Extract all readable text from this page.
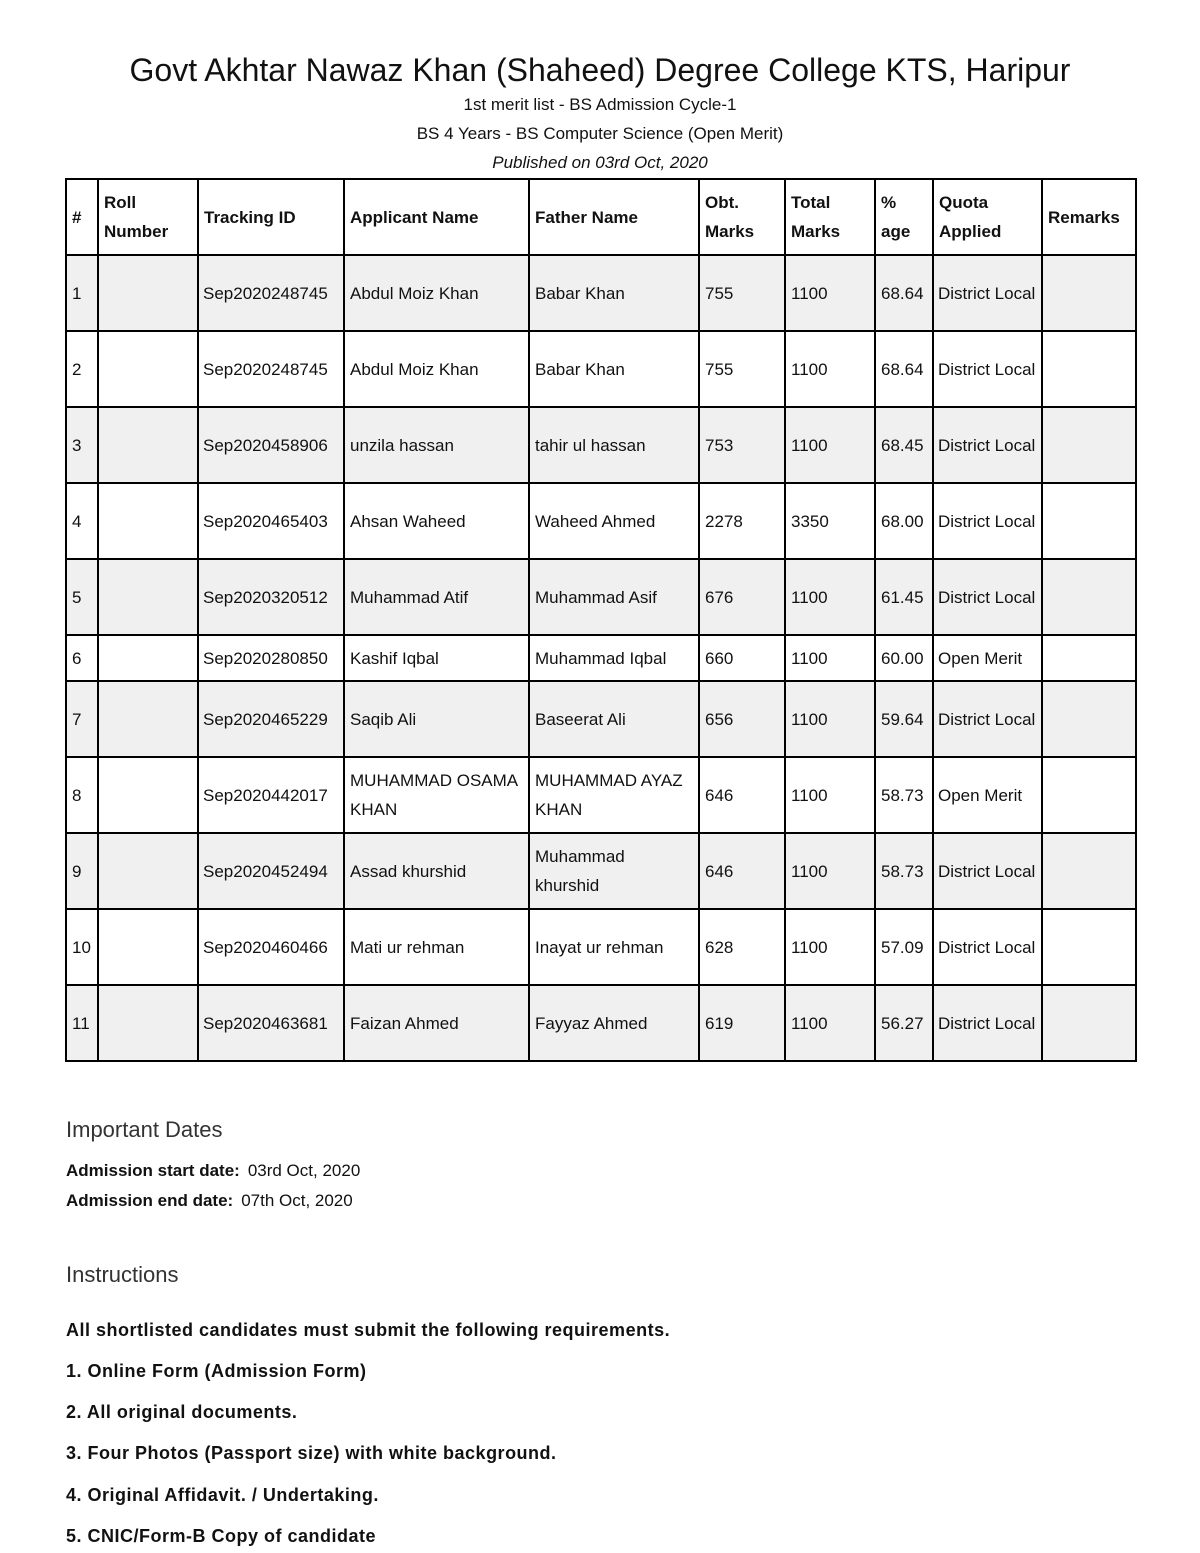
Govt Akhtar Nawaz Khan (Shaheed) Degree College KTS, Haripur
1st merit list - BS Admission Cycle-1
BS 4 Years - BS Computer Science (Open Merit)
Published on 03rd Oct, 2020
#	Roll Number	Tracking ID	Applicant Name	Father Name	Obt. Marks	Total Marks	% age	Quota Applied	Remarks
1		Sep2020248745	Abdul Moiz Khan	Babar Khan	755	1100	68.64	District Local	
2		Sep2020248745	Abdul Moiz Khan	Babar Khan	755	1100	68.64	District Local	
3		Sep2020458906	unzila hassan	tahir ul hassan	753	1100	68.45	District Local	
4		Sep2020465403	Ahsan Waheed	Waheed Ahmed	2278	3350	68.00	District Local	
5		Sep2020320512	Muhammad Atif	Muhammad Asif	676	1100	61.45	District Local	
6		Sep2020280850	Kashif Iqbal	Muhammad Iqbal	660	1100	60.00	Open Merit	
7		Sep2020465229	Saqib Ali	Baseerat Ali	656	1100	59.64	District Local	
8		Sep2020442017	MUHAMMAD OSAMA KHAN	MUHAMMAD AYAZ KHAN	646	1100	58.73	Open Merit	
9		Sep2020452494	Assad khurshid	Muhammad khurshid	646	1100	58.73	District Local	
10		Sep2020460466	Mati ur rehman	Inayat ur rehman	628	1100	57.09	District Local	
11		Sep2020463681	Faizan Ahmed	Fayyaz Ahmed	619	1100	56.27	District Local	
Important Dates
Admission start date: 03rd Oct, 2020
Admission end date: 07th Oct, 2020
Instructions
All shortlisted candidates must submit the following requirements.
1. Online Form (Admission Form)
2. All original documents.
3. Four Photos (Passport size) with white background.
4. Original Affidavit. / Undertaking.
5. CNIC/Form-B Copy of candidate
